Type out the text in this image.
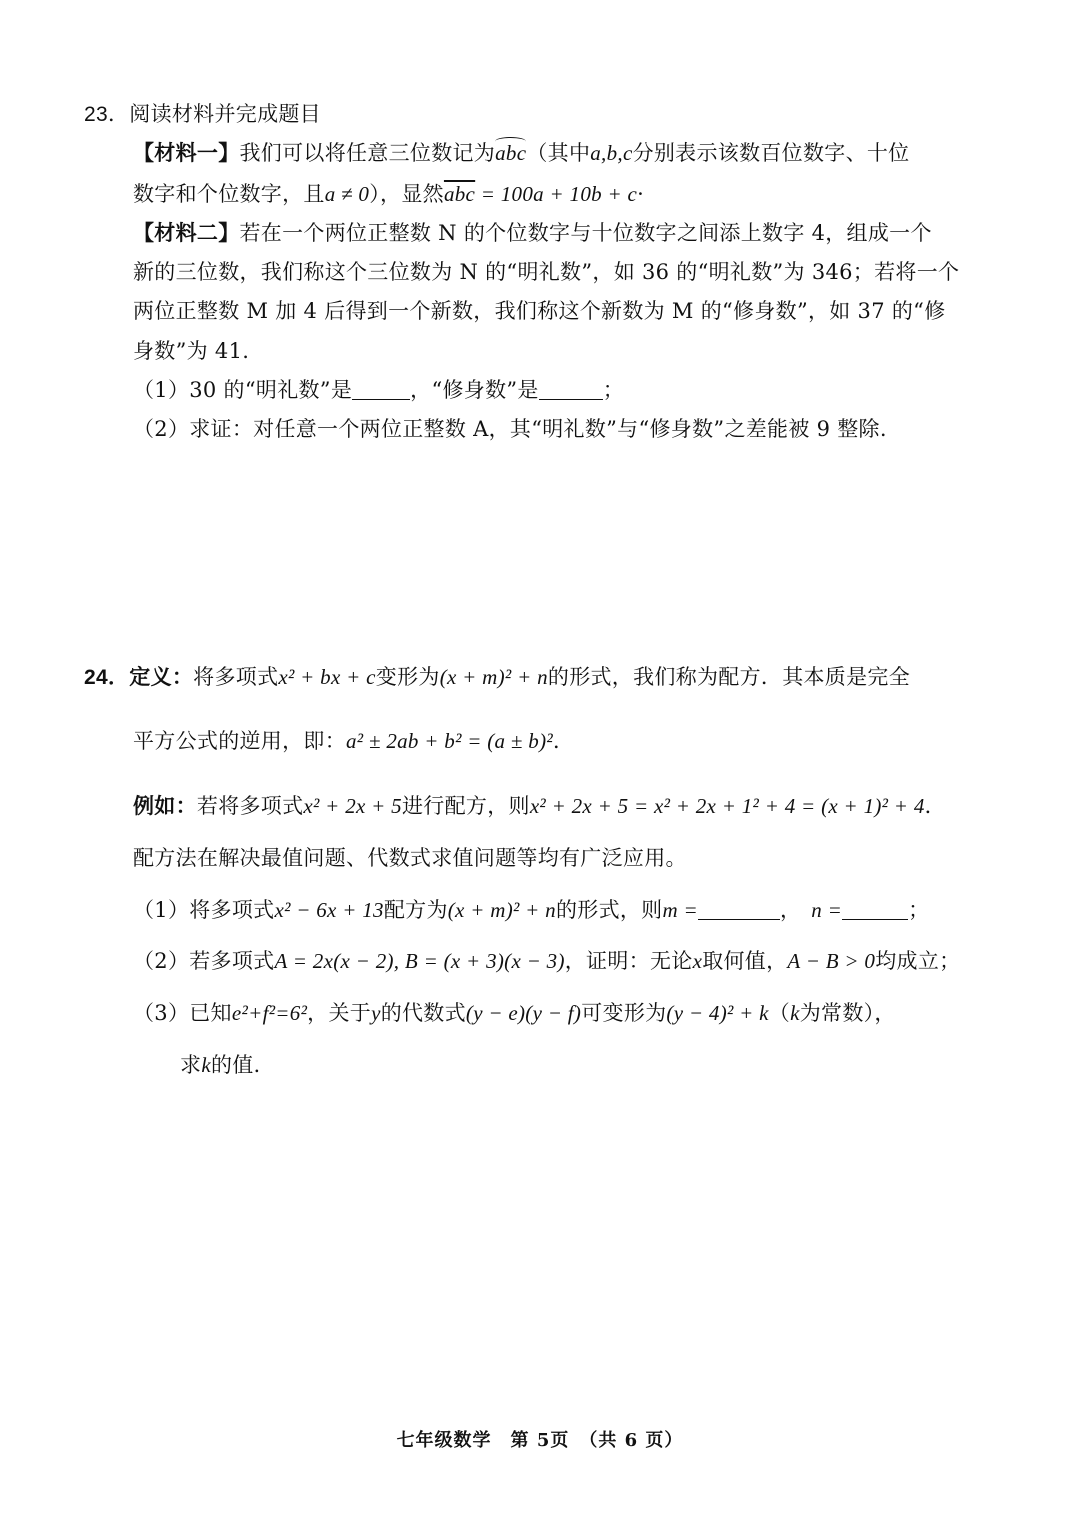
23．阅读材料并完成题目
【材料一】我们可以将任意三位数记为abc（其中a,b,c分别表示该数百位数字、十位
数字和个位数字，且a ≠ 0），显然$\overline{abc} = 100a + 10b + c\cdot$
【材料二】若在一个两位正整数 N 的个位数字与十位数字之间添上数字 4，组成一个
新的三位数，我们称这个三位数为 N 的“明礼数”，如 36 的“明礼数”为 346；若将一个
两位正整数 M 加 4 后得到一个新数，我们称这个新数为 M 的“修身数”，如 37 的“修
身数”为 41.
（1）30 的“明礼数”是	，“修身数”是	；
（2）求证：对任意一个两位正整数 A，其“明礼数”与“修身数”之差能被 9 整除.
24．定义：将多项式x² + bx + c变形为(x + m)² + n的形式，我们称为配方．其本质是完全
平方公式的逆用，即：a² ± 2ab + b² = (a ± b)²．
例如：若将多项式x² + 2x + 5进行配方，则x² + 2x + 5 = x² + 2x + 1² + 4 = (x + 1)² + 4．
配方法在解决最值问题、代数式求值问题等均有广泛应用。
（1）将多项式x² − 6x + 13配方为(x + m)² + n的形式，则m =	， n =	；
（2）若多项式A = 2x(x − 2), B = (x + 3)(x − 3)，证明：无论x取何值，A − B > 0均成立；
（3）已知e²+f²=6²，关于y的代数式(y − e)(y − f)可变形为(y − 4)² + k（k为常数），
求k的值.
七年级数学　第 5页　（共 6 页）
